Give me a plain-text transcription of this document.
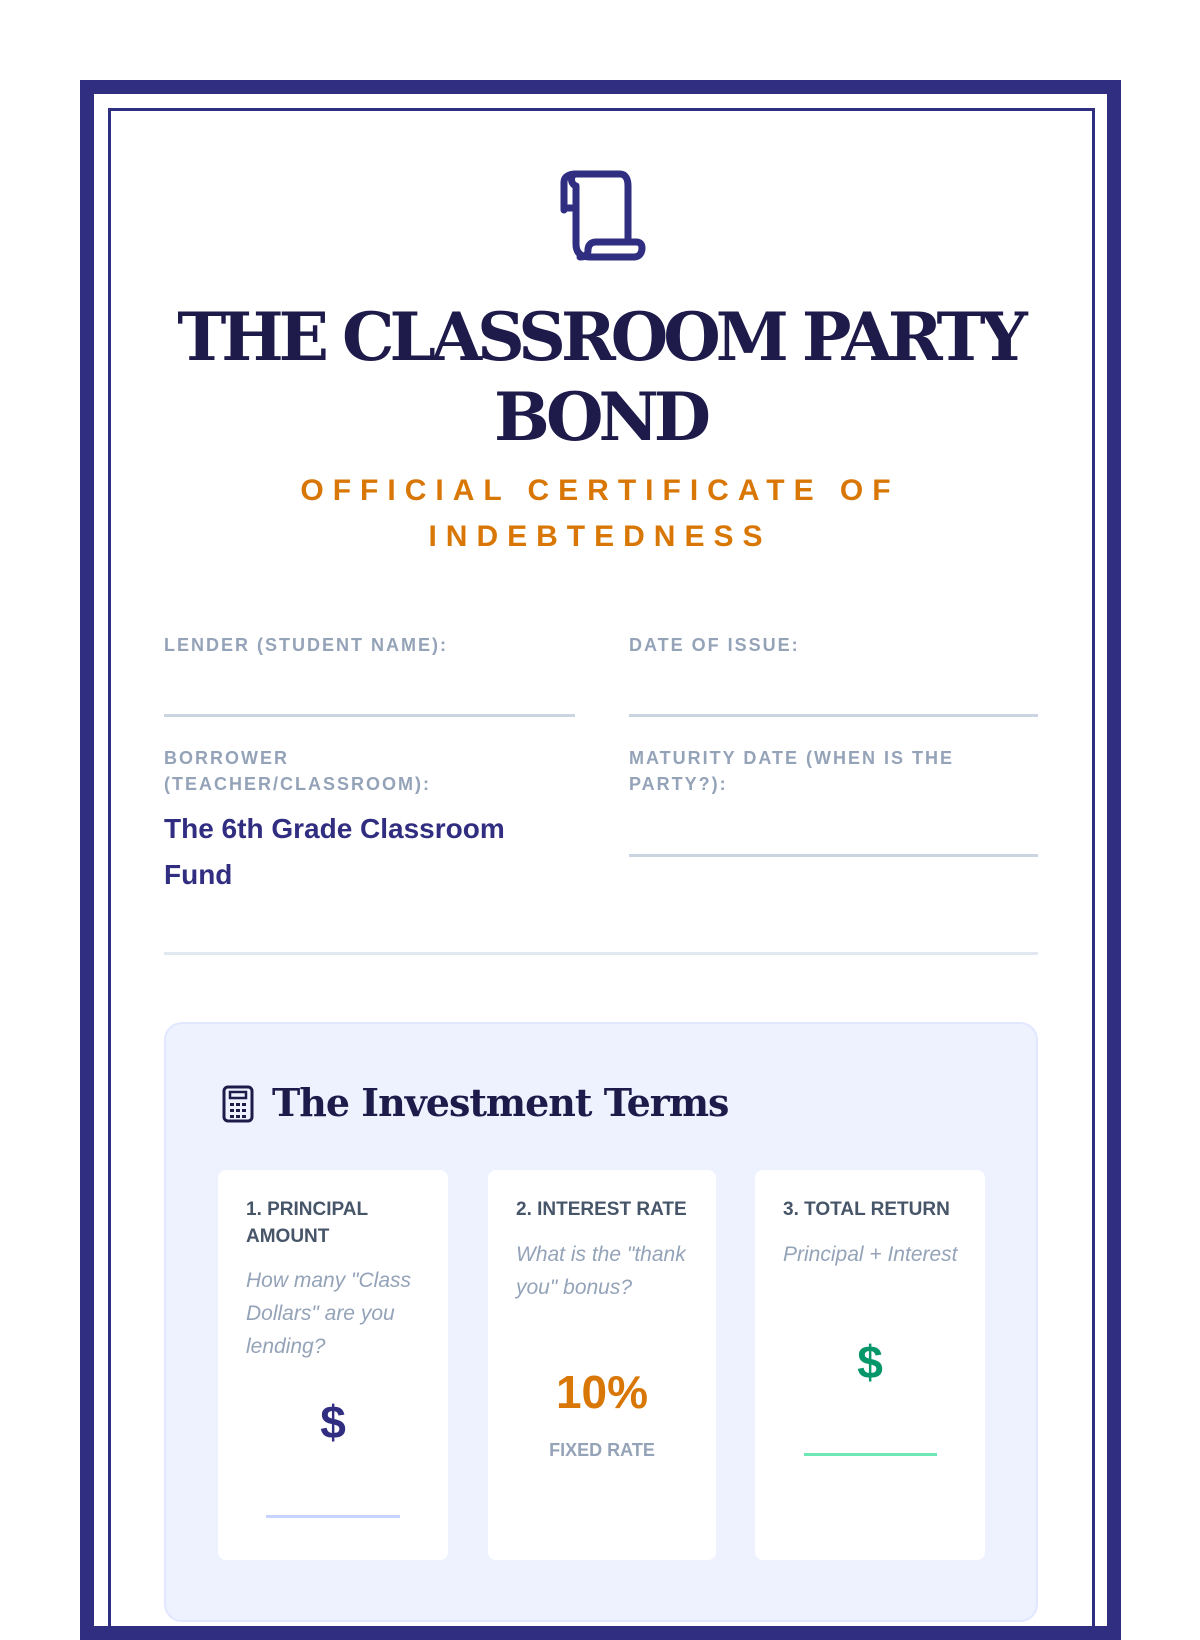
THE CLASSROOM PARTY BOND

OFFICIAL CERTIFICATE OF INDEBTEDNESS

LENDER (STUDENT NAME):	DATE OF ISSUE:
BORROWER (TEACHER/CLASSROOM):
The 6th Grade Classroom Fund
MATURITY DATE (WHEN IS THE PARTY?):
The Investment Terms
1. PRINCIPAL AMOUNT
How many "Class Dollars" are you lending?
$
2. INTEREST RATE
What is the "thank you" bonus?
10%
FIXED RATE
3. TOTAL RETURN
Principal + Interest
$
